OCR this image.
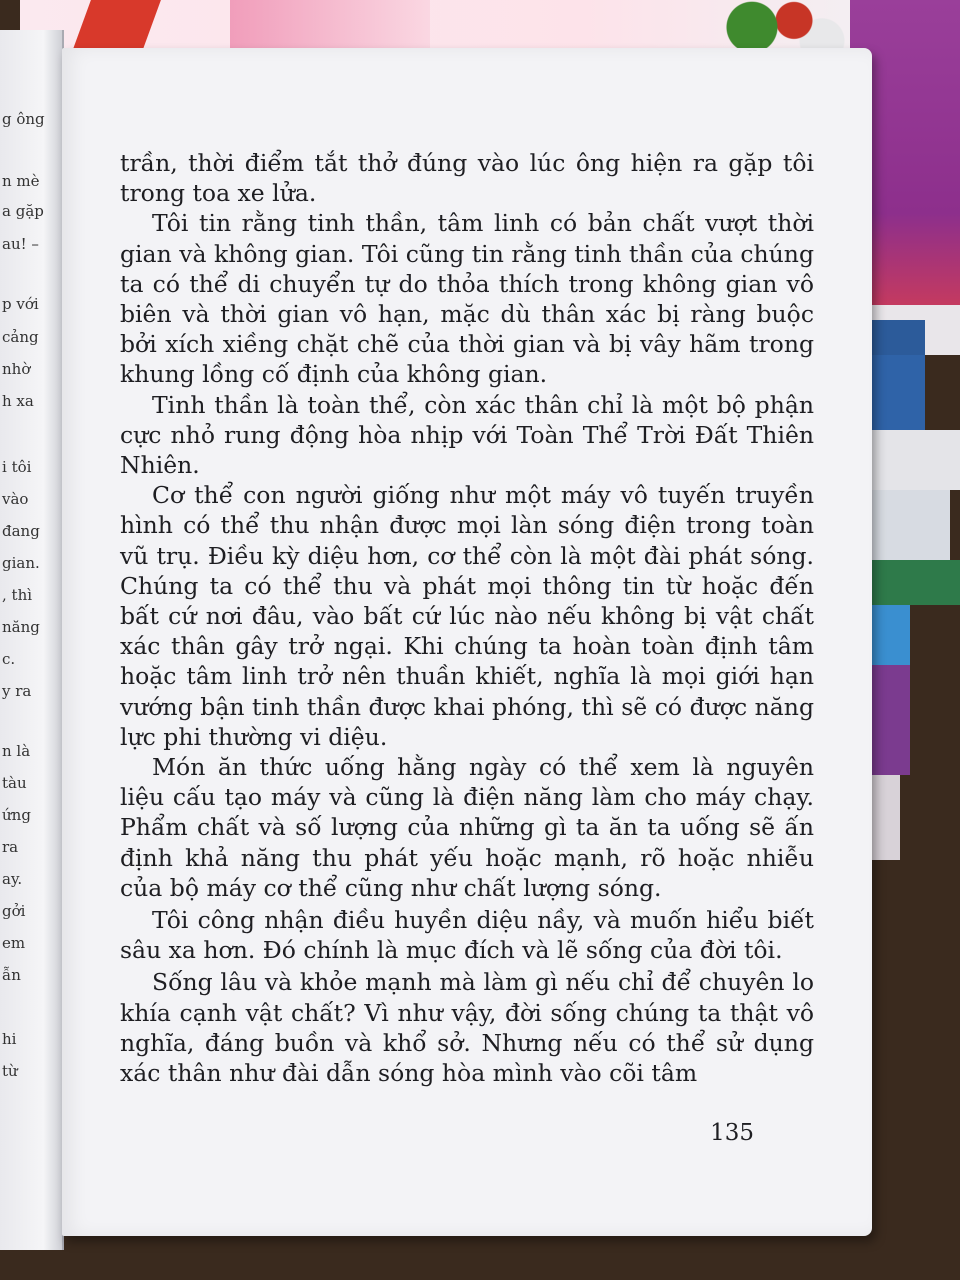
g ông
n mè
a gặp
au! –
p với
cảng
nhờ
h xa
i tôi
vào
đang
gian.
, thì
năng
c.
y ra
n là
tàu
ứng
ra
ay.
gởi
em
ẫn
hi
từ

trần, thời điểm tắt thở đúng vào lúc ông hiện ra gặp tôi trong toa xe lửa.

Tôi tin rằng tinh thần, tâm linh có bản chất vượt thời gian và không gian. Tôi cũng tin rằng tinh thần của chúng ta có thể di chuyển tự do thỏa thích trong không gian vô biên và thời gian vô hạn, mặc dù thân xác bị ràng buộc bởi xích xiềng chặt chẽ của thời gian và bị vây hãm trong khung lồng cố định của không gian.

Tinh thần là toàn thể, còn xác thân chỉ là một bộ phận cực nhỏ rung động hòa nhịp với Toàn Thể Trời Đất Thiên Nhiên.

Cơ thể con người giống như một máy vô tuyến truyền hình có thể thu nhận được mọi làn sóng điện trong toàn vũ trụ. Điều kỳ diệu hơn, cơ thể còn là một đài phát sóng. Chúng ta có thể thu và phát mọi thông tin từ hoặc đến bất cứ nơi đâu, vào bất cứ lúc nào nếu không bị vật chất xác thân gây trở ngại. Khi chúng ta hoàn toàn định tâm hoặc tâm linh trở nên thuần khiết, nghĩa là mọi giới hạn vướng bận tinh thần được khai phóng, thì sẽ có được năng lực phi thường vi diệu.

Món ăn thức uống hằng ngày có thể xem là nguyên liệu cấu tạo máy và cũng là điện năng làm cho máy chạy. Phẩm chất và số lượng của những gì ta ăn ta uống sẽ ấn định khả năng thu phát yếu hoặc mạnh, rõ hoặc nhiễu của bộ máy cơ thể cũng như chất lượng sóng.

Tôi công nhận điều huyền diệu nầy, và muốn hiểu biết sâu xa hơn. Đó chính là mục đích và lẽ sống của đời tôi.

Sống lâu và khỏe mạnh mà làm gì nếu chỉ để chuyên lo khía cạnh vật chất? Vì như vậy, đời sống chúng ta thật vô nghĩa, đáng buồn và khổ sở. Nhưng nếu có thể sử dụng xác thân như đài dẫn sóng hòa mình vào cõi tâm

135
